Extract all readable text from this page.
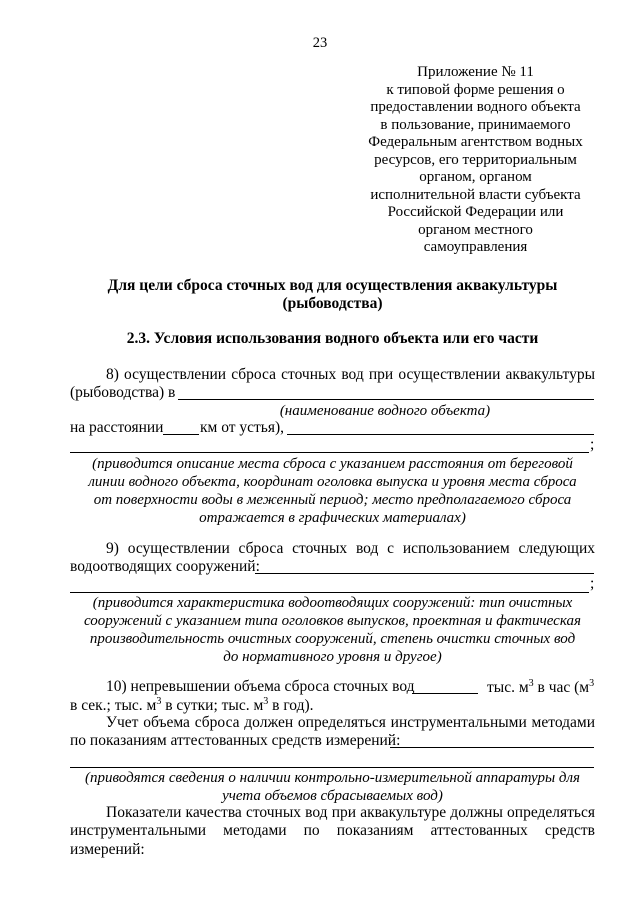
23
Приложение № 11
к типовой форме решения о
предоставлении водного объекта
в пользование, принимаемого
Федеральным агентством водных
ресурсов, его территориальным
органом, органом
исполнительной власти субъекта
Российской Федерации или
органом местного
самоуправления
Для цели сброса сточных вод для осуществления аквакультуры
(рыбоводства)
2.3. Условия использования водного объекта или его части
8) осуществлении сброса сточных вод при осуществлении аквакультуры
(рыбоводства) в
(наименование водного объекта)
на расстоянии км от устья),
;
(приводится описание места сброса с указанием расстояния от береговой
линии водного объекта, координат оголовка выпуска и уровня места сброса
от поверхности воды в меженный период; место предполагаемого сброса
отражается в графических материалах)
9) осуществлении сброса сточных вод с использованием следующих
водоотводящих сооружений:
;
(приводится характеристика водоотводящих сооружений: тип очистных
сооружений с указанием типа оголовков выпусков, проектная и фактическая
производительность очистных сооружений, степень очистки сточных вод
до нормативного уровня и другое)
10) непревышении объема сброса сточных вод	тыс. $м^3$ в час ($м^3$
в сек.; тыс. $м^3$ в сутки; тыс. $м^3$ в год).
Учет объема сброса должен определяться инструментальными методами
по показаниям аттестованных средств измерений:
(приводятся сведения о наличии контрольно-измерительной аппаратуры для
учета объемов сбрасываемых вод)
Показатели качества сточных вод при аквакультуре должны определяться
инструментальными методами по показаниям аттестованных средств измерений:
